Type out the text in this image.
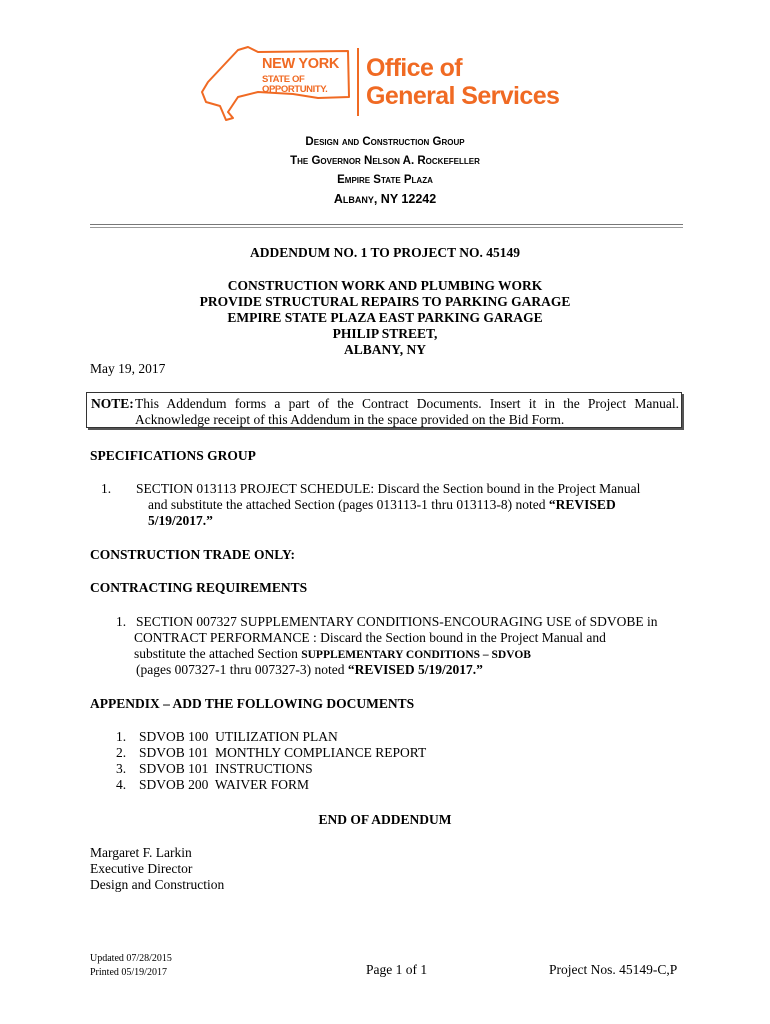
NEW YORK
STATE OF
OPPORTUNITY.
Office of
General Services
Design and Construction Group
The Governor Nelson A. Rockefeller
Empire State Plaza
Albany, NY 12242
ADDENDUM NO. 1 TO PROJECT NO. 45149
CONSTRUCTION WORK AND PLUMBING WORK
PROVIDE STRUCTURAL REPAIRS TO PARKING GARAGE
EMPIRE STATE PLAZA EAST PARKING GARAGE
PHILIP STREET,
ALBANY, NY
May 19, 2017
NOTE: This Addendum forms a part of the Contract Documents. Insert it in the Project Manual.
Acknowledge receipt of this Addendum in the space provided on the Bid Form.
SPECIFICATIONS GROUP
1. SECTION 013113 PROJECT SCHEDULE: Discard the Section bound in the Project Manual
and substitute the attached Section (pages 013113-1 thru 013113-8) noted “REVISED
5/19/2017.”
CONSTRUCTION TRADE ONLY:
CONTRACTING REQUIREMENTS
1. SECTION 007327 SUPPLEMENTARY CONDITIONS-ENCOURAGING USE of SDVOBE in
CONTRACT PERFORMANCE : Discard the Section bound in the Project Manual and
substitute the attached Section SUPPLEMENTARY CONDITIONS – SDVOB
(pages 007327-1 thru 007327-3) noted “REVISED 5/19/2017.”
APPENDIX – ADD THE FOLLOWING DOCUMENTS
1. SDVOB 100  UTILIZATION PLAN
2. SDVOB 101  MONTHLY COMPLIANCE REPORT
3. SDVOB 101  INSTRUCTIONS
4. SDVOB 200  WAIVER FORM
END OF ADDENDUM
Margaret F. Larkin
Executive Director
Design and Construction
Updated 07/28/2015
Printed 05/19/2017	Page 1 of 1	Project Nos. 45149-C,P
